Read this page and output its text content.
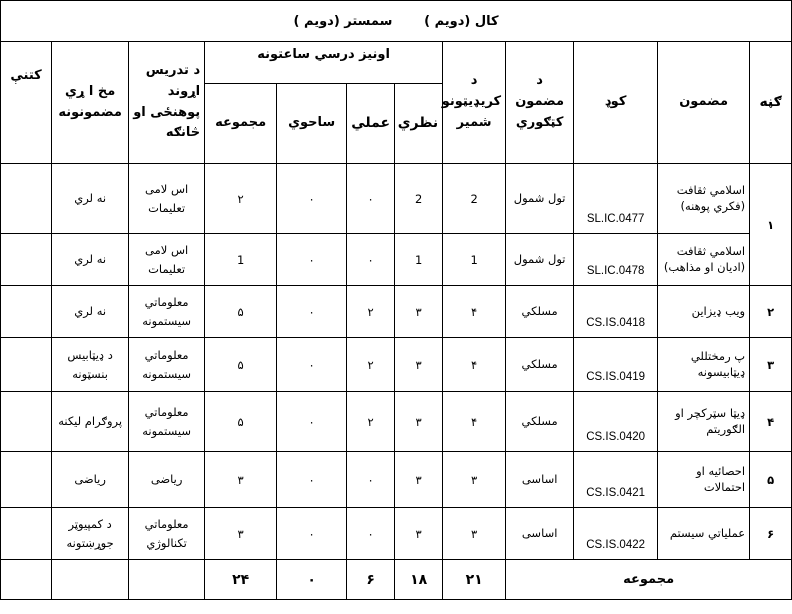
کال (دویم )       سمستر (دویم )											
ګڼه	مضمون	کوډ	د مضمون کټګوري	د کریډیټونو شمیر	اونیز درسي ساعتونه				د تدریس اړوند پوهنځی او څانګه	مخ ا ړي مضمونونه	کتنې
					نظري	عملي	ساحوي	مجموعه			
۱	اسلامي ثقافت (فکري پوهنه)	SL.IC.0477	تول شمول	2	2	۰	۰	۲	اس لامی تعلیمات	نه لري	
	اسلامي ثقافت (ادیان او مذاهب)	SL.IC.0478	تول شمول	1	1	۰	۰	1	اس لامی تعلیمات	نه لري	
۲	ویب ډیزاین	CS.IS.0418	مسلکي	۴	۳	۲	۰	۵	معلوماتي سیستمونه	نه لري	
۳	پ رمختللي ډیټابیسونه	CS.IS.0419	مسلکي	۴	۳	۲	۰	۵	معلوماتي سیستمونه	د ډیټابیس بنسټونه	
۴	ډیټا سټرکچر او الګوریتم	CS.IS.0420	مسلکي	۴	۳	۲	۰	۵	معلوماتي سیستمونه	پروګرام لیکنه	
۵	احصائیه او احتمالات	CS.IS.0421	اساسی	۳	۳	۰	۰	۳	ریاضی	ریاضی	
۶	عملیاتي سیستم	CS.IS.0422	اساسی	۳	۳	۰	۰	۳	معلوماتي تکنالوژي	د کمپیوټر جوړښتونه	
مجموعه				۲۱	۱۸	۶	۰	۲۴			
